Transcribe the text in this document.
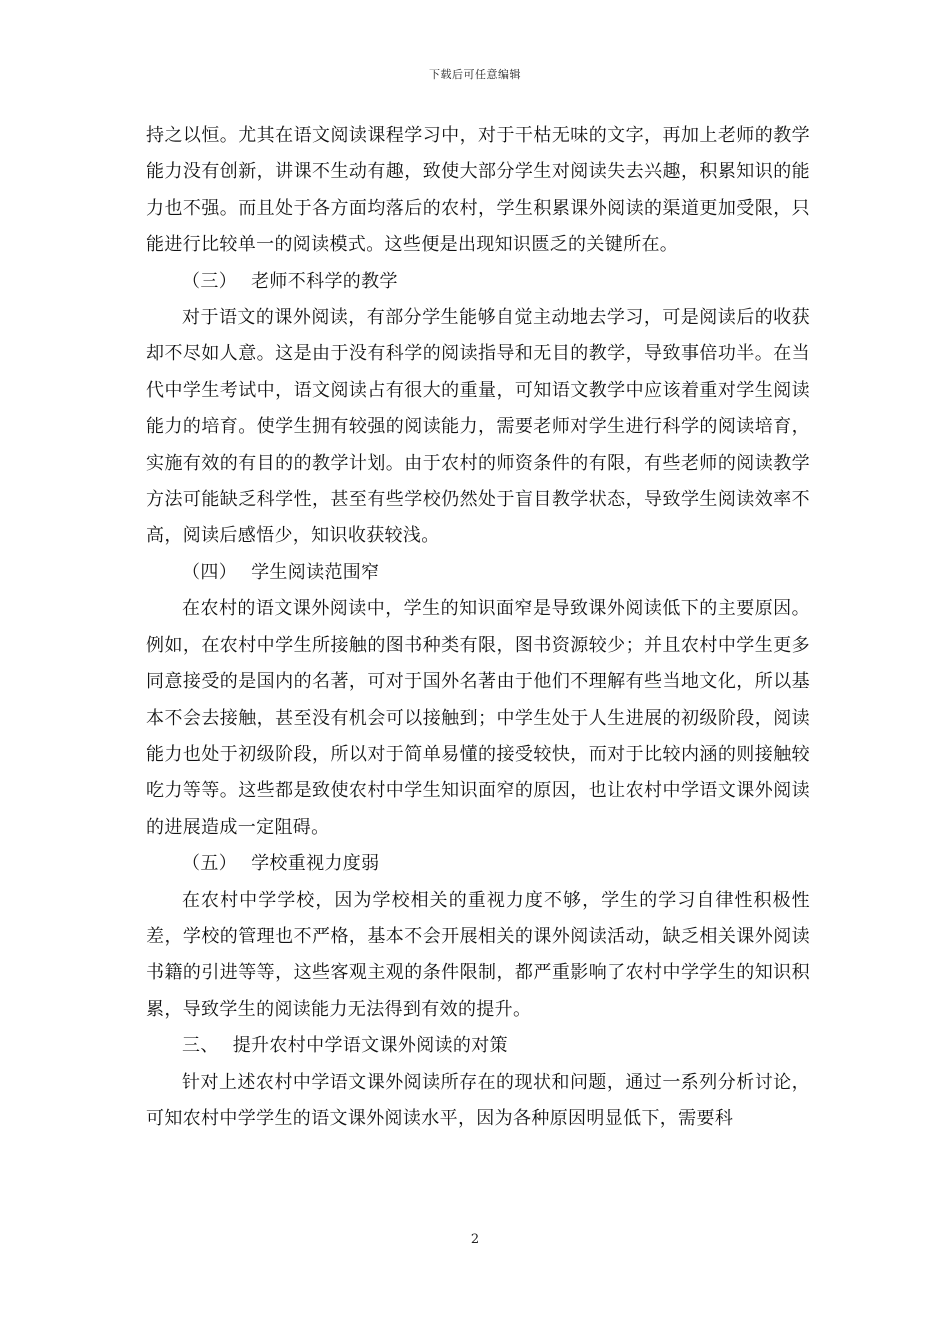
下载后可任意编辑

持之以恒。尤其在语文阅读课程学习中，对于干枯无味的文字，再加上老师的教学能力没有创新，讲课不生动有趣，致使大部分学生对阅读失去兴趣，积累知识的能力也不强。而且处于各方面均落后的农村，学生积累课外阅读的渠道更加受限，只能进行比较单一的阅读模式。这些便是出现知识匮乏的关键所在。

（三） 老师不科学的教学

对于语文的课外阅读，有部分学生能够自觉主动地去学习，可是阅读后的收获却不尽如人意。这是由于没有科学的阅读指导和无目的教学，导致事倍功半。在当代中学生考试中，语文阅读占有很大的重量，可知语文教学中应该着重对学生阅读能力的培育。使学生拥有较强的阅读能力，需要老师对学生进行科学的阅读培育，实施有效的有目的的教学计划。由于农村的师资条件的有限，有些老师的阅读教学方法可能缺乏科学性，甚至有些学校仍然处于盲目教学状态，导致学生阅读效率不高，阅读后感悟少，知识收获较浅。

（四） 学生阅读范围窄

在农村的语文课外阅读中，学生的知识面窄是导致课外阅读低下的主要原因。例如，在农村中学生所接触的图书种类有限，图书资源较少；并且农村中学生更多同意接受的是国内的名著，可对于国外名著由于他们不理解有些当地文化，所以基本不会去接触，甚至没有机会可以接触到；中学生处于人生进展的初级阶段，阅读能力也处于初级阶段，所以对于简单易懂的接受较快，而对于比较内涵的则接触较吃力等等。这些都是致使农村中学生知识面窄的原因，也让农村中学语文课外阅读的进展造成一定阻碍。

（五） 学校重视力度弱

在农村中学学校，因为学校相关的重视力度不够，学生的学习自律性积极性差，学校的管理也不严格，基本不会开展相关的课外阅读活动，缺乏相关课外阅读书籍的引进等等，这些客观主观的条件限制，都严重影响了农村中学学生的知识积累，导致学生的阅读能力无法得到有效的提升。

三、 提升农村中学语文课外阅读的对策

针对上述农村中学语文课外阅读所存在的现状和问题，通过一系列分析讨论，可知农村中学学生的语文课外阅读水平，因为各种原因明显低下，需要科

2
